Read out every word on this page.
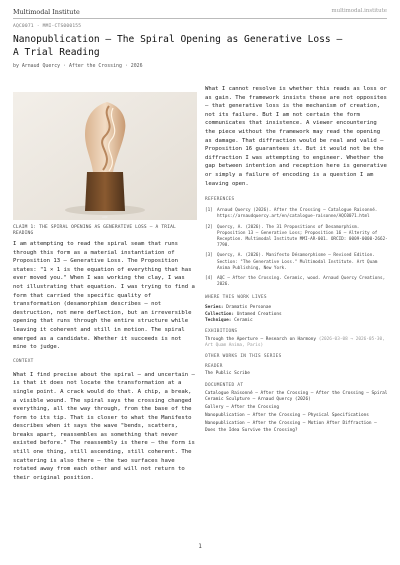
Multimodal Institute	multimodal.institute
AQC0071 · MMI-CTS000155
Nanopublication — The Spiral Opening as Generative Loss — A Trial Reading
by Arnaud Quercy · After the Crossing · 2026
AQC
CLAIM 1: THE SPIRAL OPENING AS GENERATIVE LOSS — A TRIAL READING

I am attempting to read the spiral seam that runs through this form as a material instantiation of Proposition 13 — Generative Loss. The Proposition states: "1 × 1 is the equation of everything that has ever moved you." When I was working the clay, I was not illustrating that equation. I was trying to find a form that carried the specific quality of transformation (desamorphism describes — not destruction, not mere deflection, but an irreversible opening that runs through the entire structure while leaving it coherent and still in motion. The spiral emerged as a candidate. Whether it succeeds is not mine to judge.

CONTEXT

What I find precise about the spiral — and uncertain — is that it does not locate the transformation at a single point. A crack would do that. A chip, a break, a visible wound. The spiral says the crossing changed everything, all the way through, from the base of the form to its tip. That is closer to what the Manifesto describes when it says the wave "bends, scatters, breaks apart, reassembles as something that never existed before." The reassembly is there — the form is still one thing, still ascending, still coherent. The scattering is also there — the two surfaces have rotated away from each other and will not return to their original position.

What I cannot resolve is whether this reads as loss or as gain. The framework insists these are not opposites — that generative loss is the mechanism of creation, not its failure. But I am not certain the form communicates that insistence. A viewer encountering the piece without the framework may read the opening as damage. That diffraction would be real and valid — Proposition 16 guarantees it. But it would not be the diffraction I was attempting to engineer. Whether the gap between intention and reception here is generative or simply a failure of encoding is a question I am leaving open.

REFERENCES

[1] Arnaud Quercy (2026). After the Crossing — Catalogue Raisonné. https://arnaudquercy.art/en/catalogue-raisonne/AQC0071.html
[2] Quercy, A. (2026). The 31 Propositions of Desamorphism. Proposition 13 — Generative Loss; Proposition 16 — Alterity of Reception. Multimodal Institute MMI-AR-001. ORCID: 0009-0000-2662-7798.
[3] Quercy, A. (2026). Manifesto Désamorphisme — Revised Edition. Section: "The Generative Loss." Multimodal Institute. Art Quam Anima Publishing, New York.
[4] AQC — After the Crossing. Ceramic, wood. Arnaud Quercy Creations, 2026.

WHERE THIS WORK LIVES

Series: Dramatis Personae
Collection: Untamed Creations
Technique: Ceramic

EXHIBITIONS

Through the Aperture — Research on Harmony (2026-03-08 → 2026-05-30, Art Quam Anima, Paris)

OTHER WORKS IN THIS SERIES

READER

The Public Scribe

DOCUMENTED AT

Catalogue Raisonné — After the Crossing — After the Crossing — Spiral Ceramic Sculpture — Arnaud Quercy (2026)
Gallery — After the Crossing
Nanopublication — After the Crossing — Physical Specifications
Nanopublication — After the Crossing — Motion After Diffraction — Does the Idea Survive the Crossing?
1
